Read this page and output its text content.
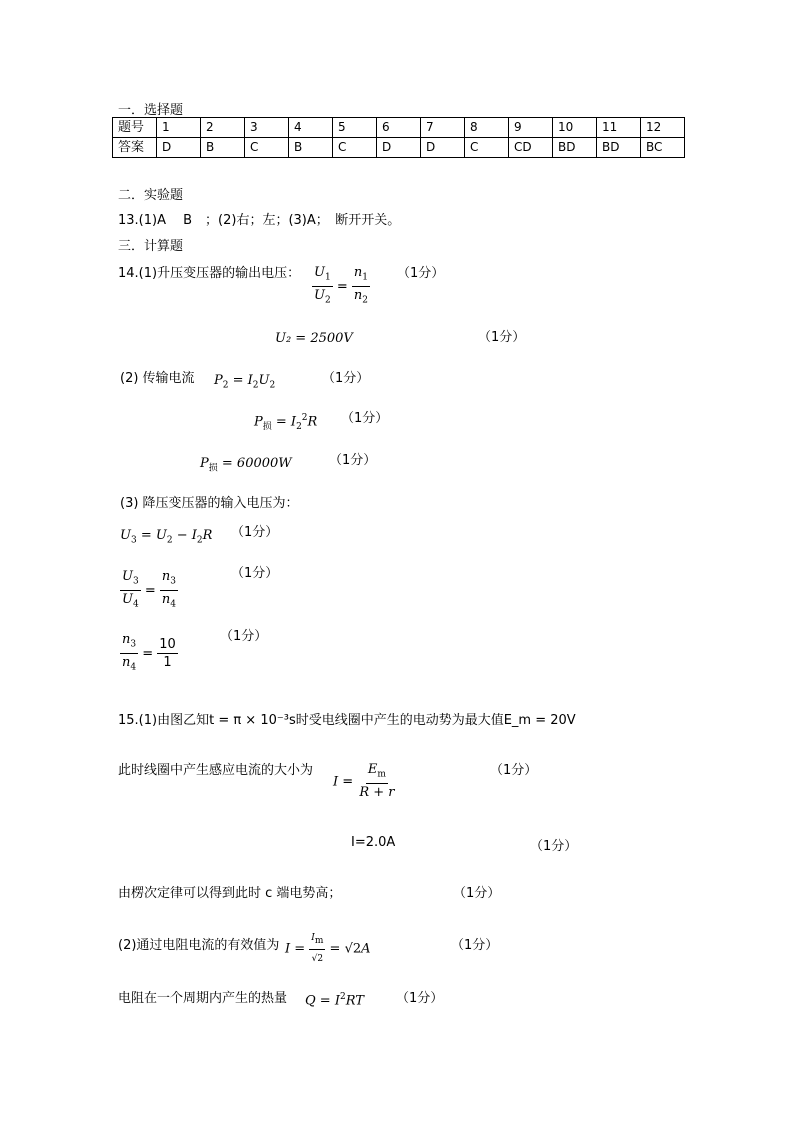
一．选择题
题号	1	2	3	4	5	6	7	8	9	10	11	12
答案	D	B	C	B	C	D	D	C	CD	BD	BD	BC
二．实验题
13.(1)A　 B　；(2)右；左；(3)A；　断开开关。
三．计算题
14.(1)升压变压器的输出电压： $\frac{U_1}{U_2} = \frac{n_1}{n_2} (1$分）
U₂ = 2500V	（1分）
(2) 传输电流 $P_2 = I_2U_2$	（1分）
$P_损 = I_2^2R$ （1分）
$P_损 = 60000W$	（1分）
(3) 降压变压器的输入电压为：
$U_3 = U_2 - I_2R$ （1分）
$\frac{U_3}{U_4} = \frac{n_3}{n_4}$	（1分）
$\frac{n_3}{n_4} = \frac{10}{1}$
（1分）
15.(1)由图乙知t = π × 10⁻³s时受电线圈中产生的电动势为最大值E_m = 20V
此时线圈中产生感应电流的大小为
$I = \frac{E_m}{R + r}$	（1分）
I=2.0A	（1分）
由楞次定律可以得到此时 c 端电势高；	（1分）
(2)通过电阻电流的有效值为 $I = \frac{I_m}{√2} = √2A$	（1分）
电阻在一个周期内产生的热量 $Q = I^2RT$ （1分）
